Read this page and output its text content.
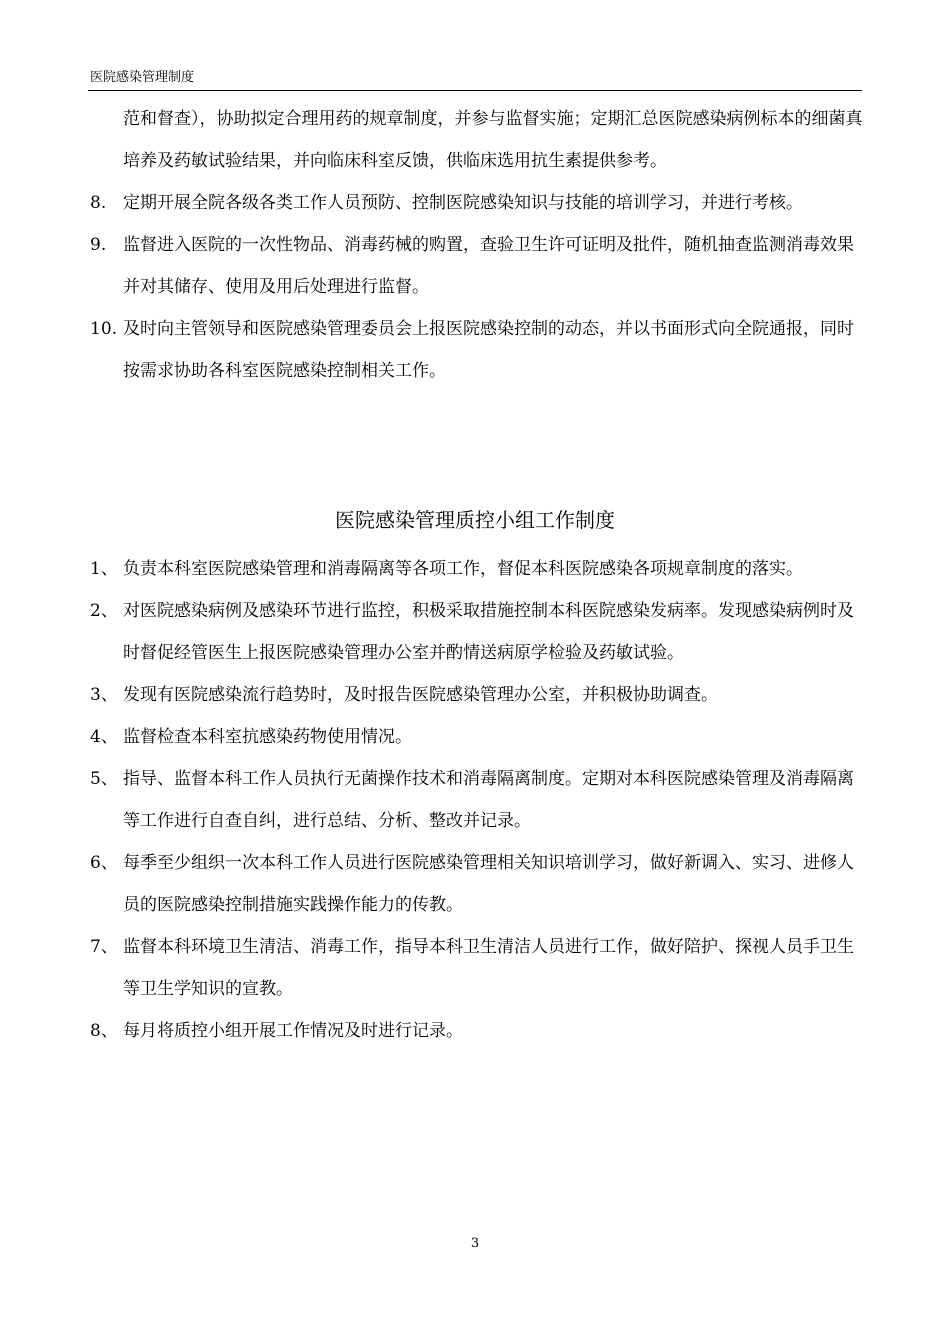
医院感染管理制度
范和督查），协助拟定合理用药的规章制度，并参与监督实施；定期汇总医院感染病例标本的细菌真培养及药敏试验结果，并向临床科室反馈，供临床选用抗生素提供参考。
8. 定期开展全院各级各类工作人员预防、控制医院感染知识与技能的培训学习，并进行考核。
9. 监督进入医院的一次性物品、消毒药械的购置，查验卫生许可证明及批件，随机抽查监测消毒效果并对其储存、使用及用后处理进行监督。
10. 及时向主管领导和医院感染管理委员会上报医院感染控制的动态，并以书面形式向全院通报，同时按需求协助各科室医院感染控制相关工作。
医院感染管理质控小组工作制度
1、 负责本科室医院感染管理和消毒隔离等各项工作，督促本科医院感染各项规章制度的落实。
2、 对医院感染病例及感染环节进行监控，积极采取措施控制本科医院感染发病率。发现感染病例时及时督促经管医生上报医院感染管理办公室并酌情送病原学检验及药敏试验。
3、 发现有医院感染流行趋势时，及时报告医院感染管理办公室，并积极协助调查。
4、 监督检查本科室抗感染药物使用情况。
5、 指导、监督本科工作人员执行无菌操作技术和消毒隔离制度。定期对本科医院感染管理及消毒隔离等工作进行自查自纠，进行总结、分析、整改并记录。
6、 每季至少组织一次本科工作人员进行医院感染管理相关知识培训学习，做好新调入、实习、进修人员的医院感染控制措施实践操作能力的传教。
7、 监督本科环境卫生清洁、消毒工作，指导本科卫生清洁人员进行工作，做好陪护、探视人员手卫生等卫生学知识的宣教。
8、 每月将质控小组开展工作情况及时进行记录。
3
